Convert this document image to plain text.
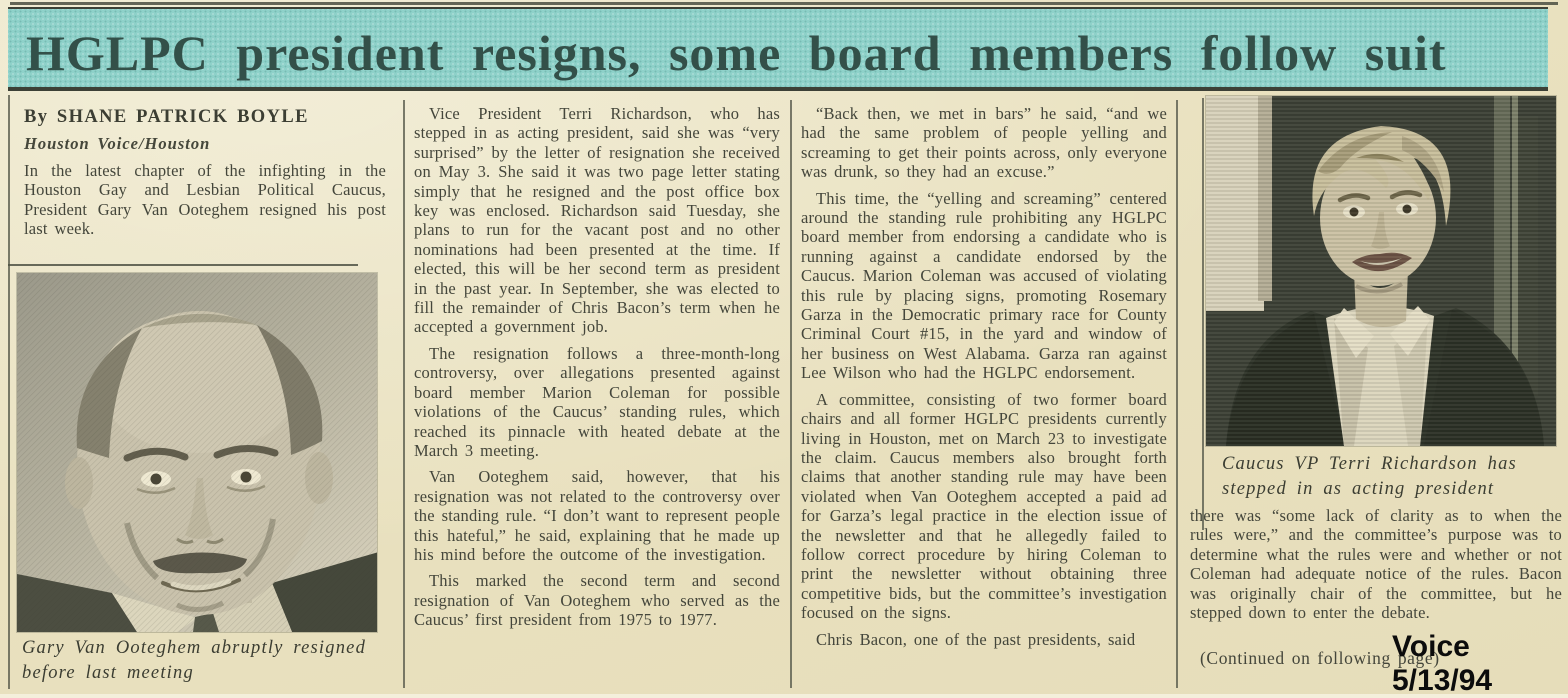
HGLPC president resigns, some board members follow suit

By SHANE PATRICK BOYLE

Houston Voice/Houston

In the latest chapter of the infighting in the Houston Gay and Lesbian Political Caucus, President Gary Van Ooteghem resigned his post last week.

Gary Van Ooteghem abruptly resigned before last meeting

Vice President Terri Richardson, who has stepped in as acting president, said she was “very surprised” by the letter of resignation she received on May 3. She said it was two page letter stating simply that he resigned and the post office box key was enclosed. Richardson said Tuesday, she plans to run for the vacant post and no other nominations had been presented at the time. If elected, this will be her second term as president in the past year. In September, she was elected to fill the remainder of Chris Bacon’s term when he accepted a government job.

The resignation follows a three-month-long controversy, over allegations presented against board member Marion Coleman for possible violations of the Caucus’ standing rules, which reached its pinnacle with heated debate at the March 3 meeting.

Van Ooteghem said, however, that his resignation was not related to the controversy over the standing rule. “I don’t want to represent people this hateful,” he said, explaining that he made up his mind before the outcome of the investigation.

This marked the second term and second resignation of Van Ooteghem who served as the Caucus’ first president from 1975 to 1977.

“Back then, we met in bars” he said, “and we had the same problem of people yelling and screaming to get their points across, only everyone was drunk, so they had an excuse.”

This time, the “yelling and screaming” centered around the standing rule prohibiting any HGLPC board member from endorsing a candidate who is running against a candidate endorsed by the Caucus. Marion Coleman was accused of violating this rule by placing signs, promoting Rosemary Garza in the Democratic primary race for County Criminal Court #15, in the yard and window of her business on West Alabama. Garza ran against Lee Wilson who had the HGLPC endorsement.

A committee, consisting of two former board chairs and all former HGLPC presidents currently living in Houston, met on March 23 to investigate the claim. Caucus members also brought forth claims that another standing rule may have been violated when Van Ooteghem accepted a paid ad for Garza’s legal practice in the election issue of the newsletter and that he allegedly failed to follow correct procedure by hiring Coleman to print the newsletter without obtaining three competitive bids, but the committee’s investigation focused on the signs.

Chris Bacon, one of the past presidents, said

Caucus VP Terri Richardson has stepped in as acting president

there was “some lack of clarity as to when the rules were,” and the committee’s purpose was to determine what the rules were and whether or not Coleman had adequate notice of the rules. Bacon was originally chair of the committee, but he stepped down to enter the debate.

(Continued on following page)
Voice 5/13/94
